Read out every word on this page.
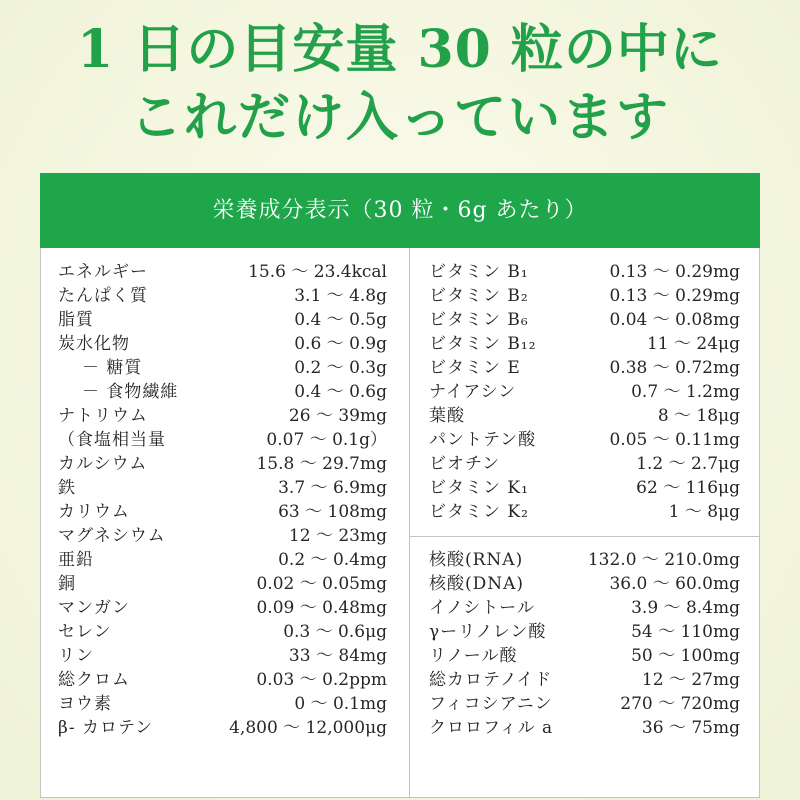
1 日の目安量 30 粒の中に
これだけ入っています
栄養成分表示（30 粒・6g あたり）
エネルギー	15.6 ～ 23.4kcal
たんぱく質	3.1 ～ 4.8g
脂質	0.4 ～ 0.5g
炭水化物	0.6 ～ 0.9g
－ 糖質	0.2 ～ 0.3g
－ 食物繊維	0.4 ～ 0.6g
ナトリウム	26 ～ 39mg
（食塩相当量	0.07 ～ 0.1g）
カルシウム	15.8 ～ 29.7mg
鉄	3.7 ～ 6.9mg
カリウム	63 ～ 108mg
マグネシウム	12 ～ 23mg
亜鉛	0.2 ～ 0.4mg
銅	0.02 ～ 0.05mg
マンガン	0.09 ～ 0.48mg
セレン	0.3 ～ 0.6μg
リン	33 ～ 84mg
総クロム	0.03 ～ 0.2ppm
ヨウ素	0 ～ 0.1mg
β- カロテン	4,800 ～ 12,000μg
ビタミン B₁	0.13 ～ 0.29mg
ビタミン B₂	0.13 ～ 0.29mg
ビタミン B₆	0.04 ～ 0.08mg
ビタミン B₁₂	11 ～ 24μg
ビタミン E	0.38 ～ 0.72mg
ナイアシン	0.7 ～ 1.2mg
葉酸	8 ～ 18μg
パントテン酸	0.05 ～ 0.11mg
ビオチン	1.2 ～ 2.7μg
ビタミン K₁	62 ～ 116μg
ビタミン K₂	1 ～ 8μg
核酸(RNA)	132.0 ～ 210.0mg
核酸(DNA)	36.0 ～ 60.0mg
イノシトール	3.9 ～ 8.4mg
γーリノレン酸	54 ～ 110mg
リノール酸	50 ～ 100mg
総カロテノイド	12 ～ 27mg
フィコシアニン	270 ～ 720mg
クロロフィル a	36 ～ 75mg
